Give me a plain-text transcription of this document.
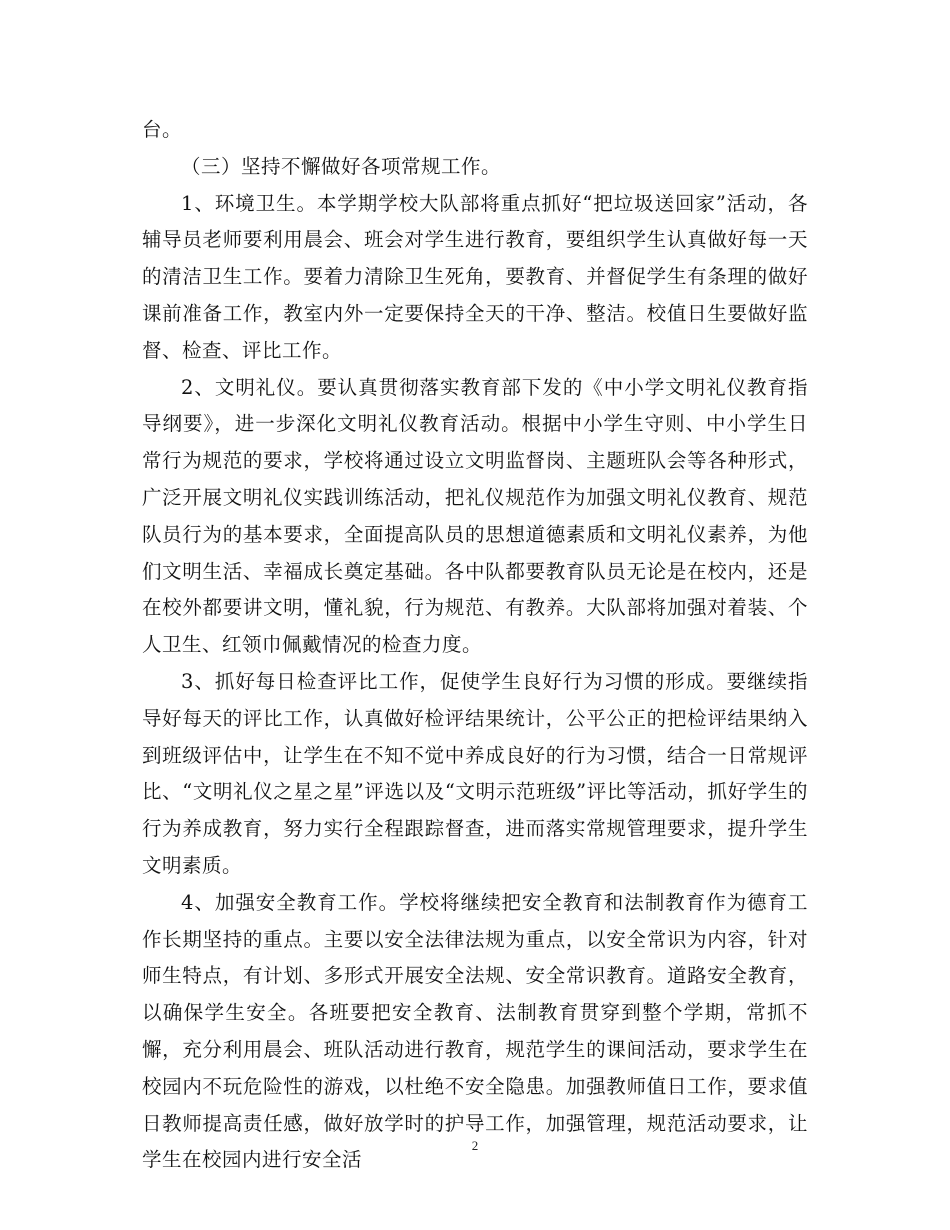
台。

（三）坚持不懈做好各项常规工作。

1、环境卫生。本学期学校大队部将重点抓好“把垃圾送回家”活动，各辅导员老师要利用晨会、班会对学生进行教育，要组织学生认真做好每一天的清洁卫生工作。要着力清除卫生死角，要教育、并督促学生有条理的做好课前准备工作，教室内外一定要保持全天的干净、整洁。校值日生要做好监督、检查、评比工作。

2、文明礼仪。要认真贯彻落实教育部下发的《中小学文明礼仪教育指导纲要》，进一步深化文明礼仪教育活动。根据中小学生守则、中小学生日常行为规范的要求，学校将通过设立文明监督岗、主题班队会等各种形式，广泛开展文明礼仪实践训练活动，把礼仪规范作为加强文明礼仪教育、规范队员行为的基本要求，全面提高队员的思想道德素质和文明礼仪素养，为他们文明生活、幸福成长奠定基础。各中队都要教育队员无论是在校内，还是在校外都要讲文明，懂礼貌，行为规范、有教养。大队部将加强对着装、个人卫生、红领巾佩戴情况的检查力度。

3、抓好每日检查评比工作，促使学生良好行为习惯的形成。要继续指导好每天的评比工作，认真做好检评结果统计，公平公正的把检评结果纳入到班级评估中，让学生在不知不觉中养成良好的行为习惯，结合一日常规评比、“文明礼仪之星之星”评选以及“文明示范班级”评比等活动，抓好学生的行为养成教育，努力实行全程跟踪督查，进而落实常规管理要求，提升学生文明素质。

4、加强安全教育工作。学校将继续把安全教育和法制教育作为德育工作长期坚持的重点。主要以安全法律法规为重点，以安全常识为内容，针对师生特点，有计划、多形式开展安全法规、安全常识教育。道路安全教育，以确保学生安全。各班要把安全教育、法制教育贯穿到整个学期，常抓不懈，充分利用晨会、班队活动进行教育，规范学生的课间活动，要求学生在校园内不玩危险性的游戏，以杜绝不安全隐患。加强教师值日工作，要求值日教师提高责任感，做好放学时的护导工作，加强管理，规范活动要求，让学生在校园内进行安全活

2
